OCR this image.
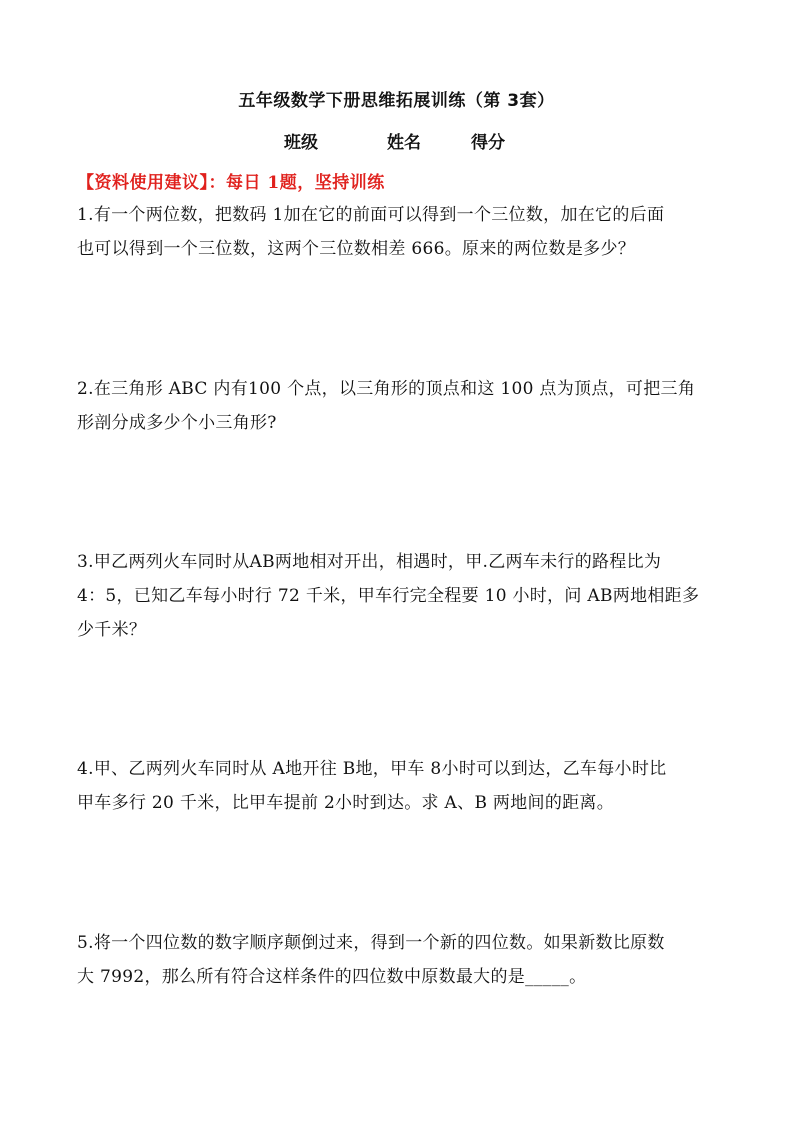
五年级数学下册思维拓展训练（第 3套）
班级	姓名	得分
【资料使用建议】：每日 1题，坚持训练
1.有一个两位数，把数码 1加在它的前面可以得到一个三位数，加在它的后面
也可以得到一个三位数，这两个三位数相差 666。原来的两位数是多少？
2.在三角形 ABC 内有100 个点，以三角形的顶点和这 100 点为顶点，可把三角
形剖分成多少个小三角形?
3.甲乙两列火车同时从AB两地相对开出，相遇时，甲.乙两车未行的路程比为
4：5，已知乙车每小时行 72 千米，甲车行完全程要 10 小时，问 AB两地相距多
少千米？
4.甲、乙两列火车同时从 A地开往 B地，甲车 8小时可以到达，乙车每小时比
甲车多行 20 千米，比甲车提前 2小时到达。求 A、B 两地间的距离。
5.将一个四位数的数字顺序颠倒过来，得到一个新的四位数。如果新数比原数
大 7992，那么所有符合这样条件的四位数中原数最大的是_____。
